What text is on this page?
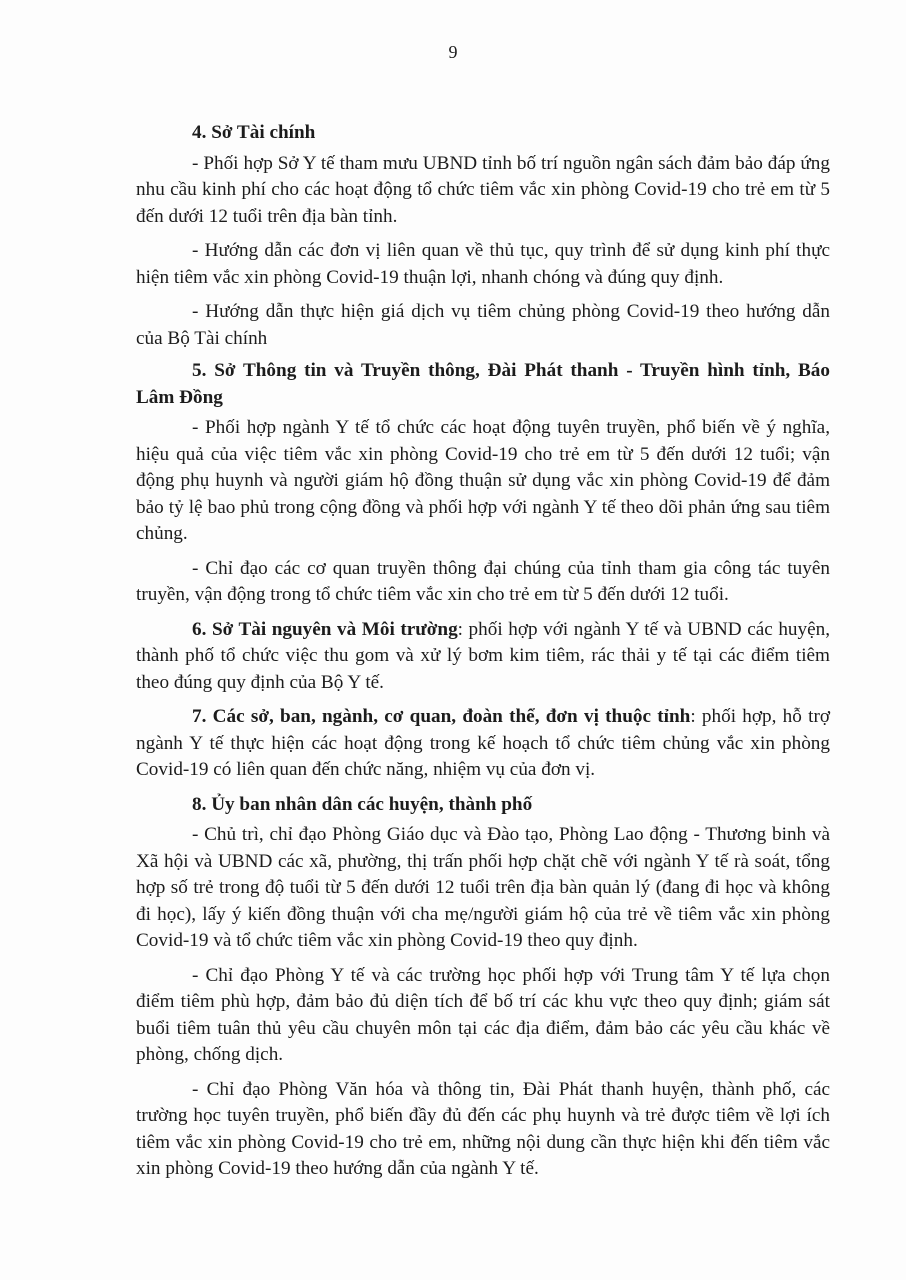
9
4. Sở Tài chính
- Phối hợp Sở Y tế tham mưu UBND tỉnh bố trí nguồn ngân sách đảm bảo đáp ứng nhu cầu kinh phí cho các hoạt động tổ chức tiêm vắc xin phòng Covid-19 cho trẻ em từ 5 đến dưới 12 tuổi trên địa bàn tỉnh.
- Hướng dẫn các đơn vị liên quan về thủ tục, quy trình để sử dụng kinh phí thực hiện tiêm vắc xin phòng Covid-19 thuận lợi, nhanh chóng và đúng quy định.
- Hướng dẫn thực hiện giá dịch vụ tiêm chủng phòng Covid-19 theo hướng dẫn của Bộ Tài chính
5. Sở Thông tin và Truyền thông, Đài Phát thanh - Truyền hình tỉnh, Báo Lâm Đồng
- Phối hợp ngành Y tế tổ chức các hoạt động tuyên truyền, phổ biến về ý nghĩa, hiệu quả của việc tiêm vắc xin phòng Covid-19 cho trẻ em từ 5 đến dưới 12 tuổi; vận động phụ huynh và người giám hộ đồng thuận sử dụng vắc xin phòng Covid-19 để đảm bảo tỷ lệ bao phủ trong cộng đồng và phối hợp với ngành Y tế theo dõi phản ứng sau tiêm chủng.
- Chỉ đạo các cơ quan truyền thông đại chúng của tỉnh tham gia công tác tuyên truyền, vận động trong tổ chức tiêm vắc xin cho trẻ em từ 5 đến dưới 12 tuổi.
6. Sở Tài nguyên và Môi trường: phối hợp với ngành Y tế và UBND các huyện, thành phố tổ chức việc thu gom và xử lý bơm kim tiêm, rác thải y tế tại các điểm tiêm theo đúng quy định của Bộ Y tế.
7. Các sở, ban, ngành, cơ quan, đoàn thể, đơn vị thuộc tỉnh: phối hợp, hỗ trợ ngành Y tế thực hiện các hoạt động trong kế hoạch tổ chức tiêm chủng vắc xin phòng Covid-19 có liên quan đến chức năng, nhiệm vụ của đơn vị.
8. Ủy ban nhân dân các huyện, thành phố
- Chủ trì, chỉ đạo Phòng Giáo dục và Đào tạo, Phòng Lao động - Thương binh và Xã hội và UBND các xã, phường, thị trấn phối hợp chặt chẽ với ngành Y tế rà soát, tổng hợp số trẻ trong độ tuổi từ 5 đến dưới 12 tuổi trên địa bàn quản lý (đang đi học và không đi học), lấy ý kiến đồng thuận với cha mẹ/người giám hộ của trẻ về tiêm vắc xin phòng Covid-19 và tổ chức tiêm vắc xin phòng Covid-19 theo quy định.
- Chỉ đạo Phòng Y tế và các trường học phối hợp với Trung tâm Y tế lựa chọn điểm tiêm phù hợp, đảm bảo đủ diện tích để bố trí các khu vực theo quy định; giám sát buổi tiêm tuân thủ yêu cầu chuyên môn tại các địa điểm, đảm bảo các yêu cầu khác về phòng, chống dịch.
- Chỉ đạo Phòng Văn hóa và thông tin, Đài Phát thanh huyện, thành phố, các trường học tuyên truyền, phổ biến đầy đủ đến các phụ huynh và trẻ được tiêm về lợi ích tiêm vắc xin phòng Covid-19 cho trẻ em, những nội dung cần thực hiện khi đến tiêm vắc xin phòng Covid-19 theo hướng dẫn của ngành Y tế.
